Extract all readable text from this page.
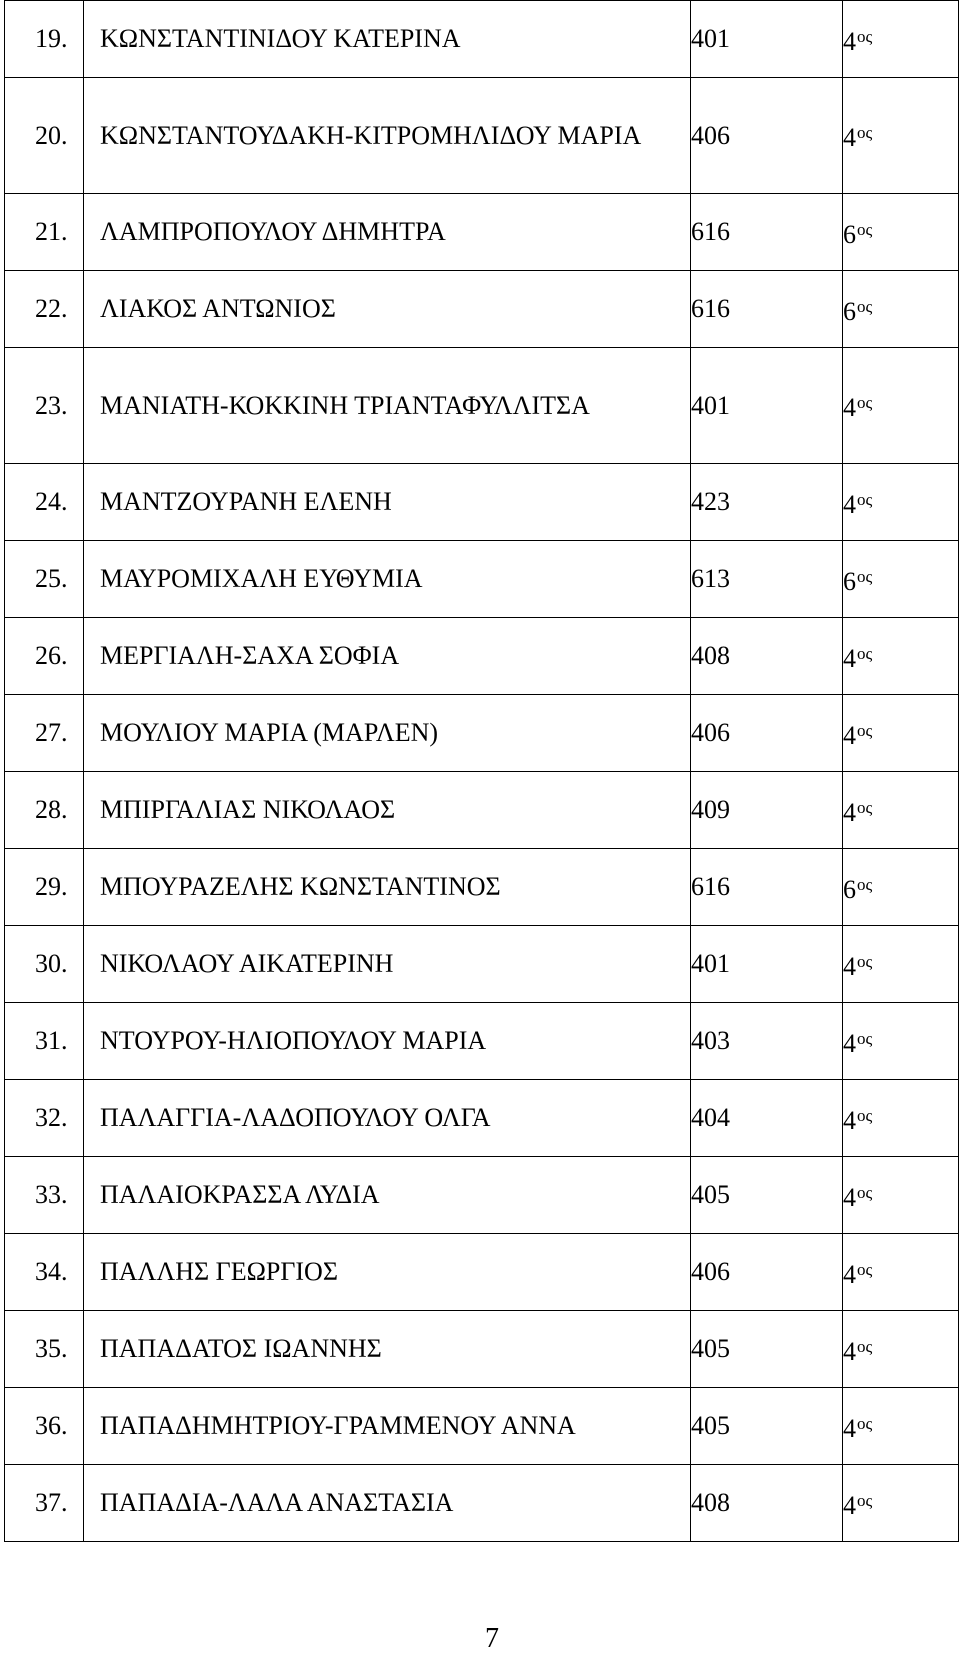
19.	ΚΩΝΣΤΑΝΤΙΝΙΔΟΥ ΚΑΤΕΡΙΝΑ	401	$4^{o\varsigma}$
20.	ΚΩΝΣΤΑΝΤΟΥΔΑΚΗ-ΚΙΤΡΟΜΗΛΙΔΟΥ ΜΑΡΙΑ	406	$4^{o\varsigma}$
21.	ΛΑΜΠΡΟΠΟΥΛΟΥ ΔΗΜΗΤΡΑ	616	$6^{o\varsigma}$
22.	ΛΙΑΚΟΣ ΑΝΤΩΝΙΟΣ	616	$6^{o\varsigma}$
23.	ΜΑΝΙΑΤΗ-ΚΟΚΚΙΝΗ ΤΡΙΑΝΤΑΦΥΛΛΙΤΣΑ	401	$4^{o\varsigma}$
24.	ΜΑΝΤΖΟΥΡΑΝΗ ΕΛΕΝΗ	423	$4^{o\varsigma}$
25.	ΜΑΥΡΟΜΙΧΑΛΗ ΕΥΘΥΜΙΑ	613	$6^{o\varsigma}$
26.	ΜΕΡΓΙΑΛΗ-ΣΑΧΑ ΣΟΦΙΑ	408	$4^{o\varsigma}$
27.	ΜΟΥΛΙΟΥ ΜΑΡΙΑ (ΜΑΡΛΕΝ)	406	$4^{o\varsigma}$
28.	ΜΠΙΡΓΑΛΙΑΣ ΝΙΚΟΛΑΟΣ	409	$4^{o\varsigma}$
29.	ΜΠΟΥΡΑΖΕΛΗΣ ΚΩΝΣΤΑΝΤΙΝΟΣ	616	$6^{o\varsigma}$
30.	ΝΙΚΟΛΑΟΥ ΑΙΚΑΤΕΡΙΝΗ	401	$4^{o\varsigma}$
31.	ΝΤΟΥΡΟΥ-ΗΛΙΟΠΟΥΛΟΥ ΜΑΡΙΑ	403	$4^{o\varsigma}$
32.	ΠΑΛΑΓΓΙΑ-ΛΑΔΟΠΟΥΛΟΥ ΟΛΓΑ	404	$4^{o\varsigma}$
33.	ΠΑΛΑΙΟΚΡΑΣΣΑ ΛΥΔΙΑ	405	$4^{o\varsigma}$
34.	ΠΑΛΛΗΣ ΓΕΩΡΓΙΟΣ	406	$4^{o\varsigma}$
35.	ΠΑΠΑΔΑΤΟΣ ΙΩΑΝΝΗΣ	405	$4^{o\varsigma}$
36.	ΠΑΠΑΔΗΜΗΤΡΙΟΥ-ΓΡΑΜΜΕΝΟΥ ΑΝΝΑ	405	$4^{o\varsigma}$
37.	ΠΑΠΑΔΙΑ-ΛΑΛΑ ΑΝΑΣΤΑΣΙΑ	408	$4^{o\varsigma}$
7
